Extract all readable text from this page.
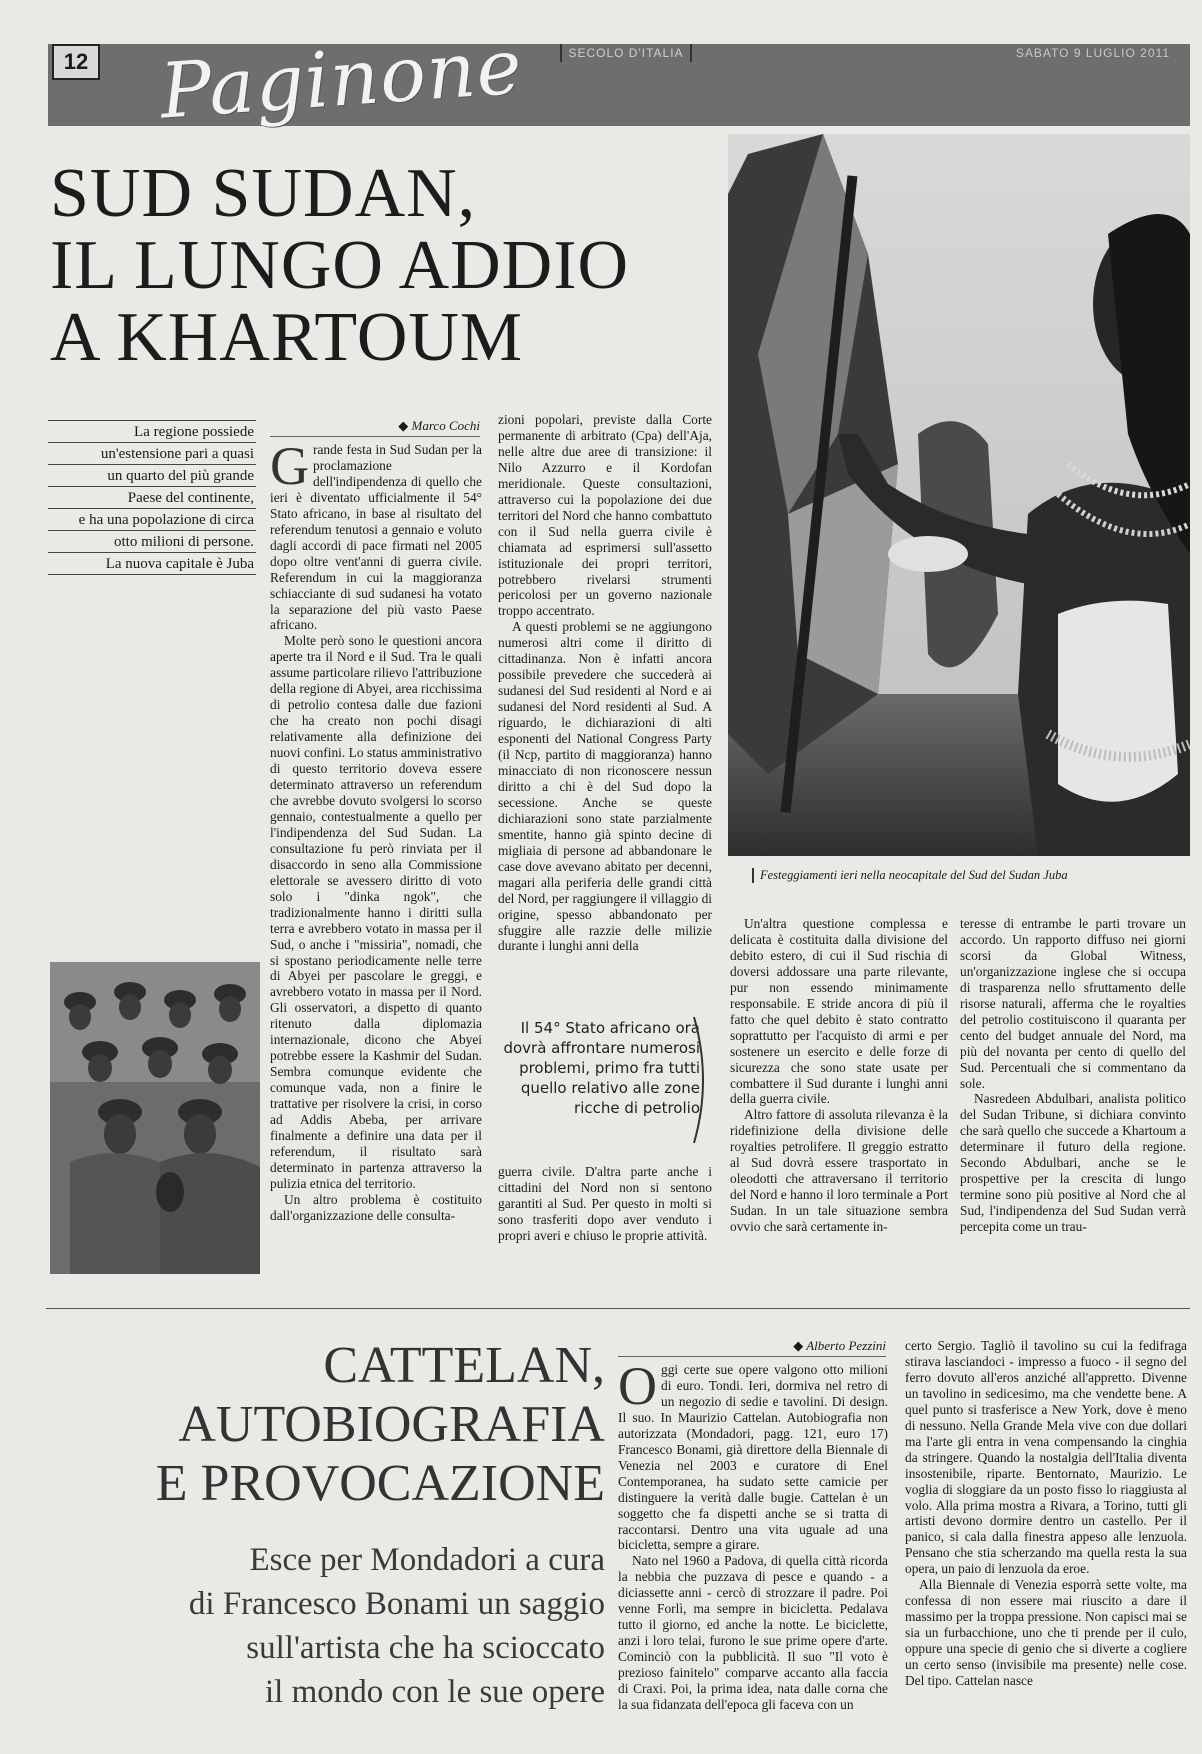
Paginone
12	SECOLO D'ITALIA	SABATO 9 LUGLIO 2011
SUD SUDAN,
IL LUNGO ADDIO
A KHARTOUM
La regione possiede
un'estensione pari a quasi
un quarto del più grande
Paese del continente,
e ha una popolazione di circa
otto milioni di persone.
La nuova capitale è Juba
◆ Marco Cochi

Grande festa in Sud Sudan per la proclamazione dell'indipendenza di quello che ieri è diventato ufficialmente il 54° Stato africano, in base al risultato del referendum tenutosi a gennaio e voluto dagli accordi di pace firmati nel 2005 dopo oltre vent'anni di guerra civile. Referendum in cui la maggioranza schiacciante di sud sudanesi ha votato la separazione del più vasto Paese africano.

Molte però sono le questioni ancora aperte tra il Nord e il Sud. Tra le quali assume particolare rilievo l'attribuzione della regione di Abyei, area ricchissima di petrolio contesa dalle due fazioni che ha creato non pochi disagi relativamente alla definizione dei nuovi confini. Lo status amministrativo di questo territorio doveva essere determinato attraverso un referendum che avrebbe dovuto svolgersi lo scorso gennaio, contestualmente a quello per l'indipendenza del Sud Sudan. La consultazione fu però rinviata per il disaccordo in seno alla Commissione elettorale se avessero diritto di voto solo i "dinka ngok", che tradizionalmente hanno i diritti sulla terra e avrebbero votato in massa per il Sud, o anche i "missiria", nomadi, che si spostano periodicamente nelle terre di Abyei per pascolare le greggi, e avrebbero votato in massa per il Nord. Gli osservatori, a dispetto di quanto ritenuto dalla diplomazia internazionale, dicono che Abyei potrebbe essere la Kashmir del Sudan. Sembra comunque evidente che comunque vada, non a finire le trattative per risolvere la crisi, in corso ad Addis Abeba, per arrivare finalmente a definire una data per il referendum, il risultato sarà determinato in partenza attraverso la pulizia etnica del territorio.

Un altro problema è costituito dall'organizzazione delle consulta-

zioni popolari, previste dalla Corte permanente di arbitrato (Cpa) dell'Aja, nelle altre due aree di transizione: il Nilo Azzurro e il Kordofan meridionale. Queste consultazioni, attraverso cui la popolazione dei due territori del Nord che hanno combattuto con il Sud nella guerra civile è chiamata ad esprimersi sull'assetto istituzionale dei propri territori, potrebbero rivelarsi strumenti pericolosi per un governo nazionale troppo accentrato.

A questi problemi se ne aggiungono numerosi altri come il diritto di cittadinanza. Non è infatti ancora possibile prevedere che succederà ai sudanesi del Sud residenti al Nord e ai sudanesi del Nord residenti al Sud. A riguardo, le dichiarazioni di alti esponenti del National Congress Party (il Ncp, partito di maggioranza) hanno minacciato di non riconoscere nessun diritto a chi è del Sud dopo la secessione. Anche se queste dichiarazioni sono state parzialmente smentite, hanno già spinto decine di migliaia di persone ad abbandonare le case dove avevano abitato per decenni, magari alla periferia delle grandi città del Nord, per raggiungere il villaggio di origine, spesso abbandonato per sfuggire alle razzie delle milizie durante i lunghi anni della

Il 54° Stato africano ora dovrà affrontare numerosi problemi, primo fra tutti quello relativo alle zone ricche di petrolio

guerra civile. D'altra parte anche i cittadini del Nord non si sentono garantiti al Sud. Per questo in molti si sono trasferiti dopo aver venduto i propri averi e chiuso le proprie attività.

Un'altra questione complessa e delicata è costituita dalla divisione del debito estero, di cui il Sud rischia di doversi addossare una parte rilevante, pur non essendo minimamente responsabile. E stride ancora di più il fatto che quel debito è stato contratto soprattutto per l'acquisto di armi e per sostenere un esercito e delle forze di sicurezza che sono state usate per combattere il Sud durante i lunghi anni della guerra civile.

Altro fattore di assoluta rilevanza è la ridefinizione della divisione delle royalties petrolifere. Il greggio estratto al Sud dovrà essere trasportato in oleodotti che attraversano il territorio del Nord e hanno il loro terminale a Port Sudan. In un tale situazione sembra ovvio che sarà certamente in-

teresse di entrambe le parti trovare un accordo. Un rapporto diffuso nei giorni scorsi da Global Witness, un'organizzazione inglese che si occupa di trasparenza nello sfruttamento delle risorse naturali, afferma che le royalties del petrolio costituiscono il quaranta per cento del budget annuale del Nord, ma più del novanta per cento di quello del Sud. Percentuali che si commentano da sole.

Nasredeen Abdulbari, analista politico del Sudan Tribune, si dichiara convinto che sarà quello che succede a Khartoum a determinare il futuro della regione. Secondo Abdulbari, anche se le prospettive per la crescita di lungo termine sono più positive al Nord che al Sud, l'indipendenza del Sud Sudan verrà percepita come un trau-

Festeggiamenti ieri nella neocapitale del Sud del Sudan Juba
CATTELAN,
AUTOBIOGRAFIA
E PROVOCAZIONE
Esce per Mondadori a cura
di Francesco Bonami un saggio
sull'artista che ha scioccato
il mondo con le sue opere
◆ Alberto Pezzini

Oggi certe sue opere valgono otto milioni di euro. Tondi. Ieri, dormiva nel retro di un negozio di sedie e tavolini. Di design. Il suo. In Maurizio Cattelan. Autobiografia non autorizzata (Mondadori, pagg. 121, euro 17) Francesco Bonami, già direttore della Biennale di Venezia nel 2003 e curatore di Enel Contemporanea, ha sudato sette camicie per distinguere la verità dalle bugie. Cattelan è un soggetto che fa dispetti anche se si tratta di raccontarsi. Dentro una vita uguale ad una bicicletta, sempre a girare.

Nato nel 1960 a Padova, di quella città ricorda la nebbia che puzzava di pesce e quando - a diciassette anni - cercò di strozzare il padre. Poi venne Forlì, ma sempre in bicicletta. Pedalava tutto il giorno, ed anche la notte. Le biciclette, anzi i loro telai, furono le sue prime opere d'arte. Cominciò con la pubblicità. Il suo "Il voto è prezioso fainitelo" comparve accanto alla faccia di Craxi. Poi, la prima idea, nata dalle corna che la sua fidanzata dell'epoca gli faceva con un

certo Sergio. Tagliò il tavolino su cui la fedifraga stirava lasciandoci - impresso a fuoco - il segno del ferro dovuto all'eros anziché all'appretto. Divenne un tavolino in sedicesimo, ma che vendette bene. A quel punto si trasferisce a New York, dove è meno di nessuno. Nella Grande Mela vive con due dollari ma l'arte gli entra in vena compensando la cinghia da stringere. Quando la nostalgia dell'Italia diventa insostenibile, riparte. Bentornato, Maurizio. Le voglia di sloggiare da un posto fisso lo riaggiusta al volo. Alla prima mostra a Rivara, a Torino, tutti gli artisti devono dormire dentro un castello. Per il panico, si cala dalla finestra appeso alle lenzuola. Pensano che stia scherzando ma quella resta la sua opera, un paio di lenzuola da eroe.

Alla Biennale di Venezia esporrà sette volte, ma confessa di non essere mai riuscito a dare il massimo per la troppa pressione. Non capisci mai se sia un furbacchione, uno che ti prende per il culo, oppure una specie di genio che si diverte a cogliere un certo senso (invisibile ma presente) nelle cose. Del tipo. Cattelan nasce
